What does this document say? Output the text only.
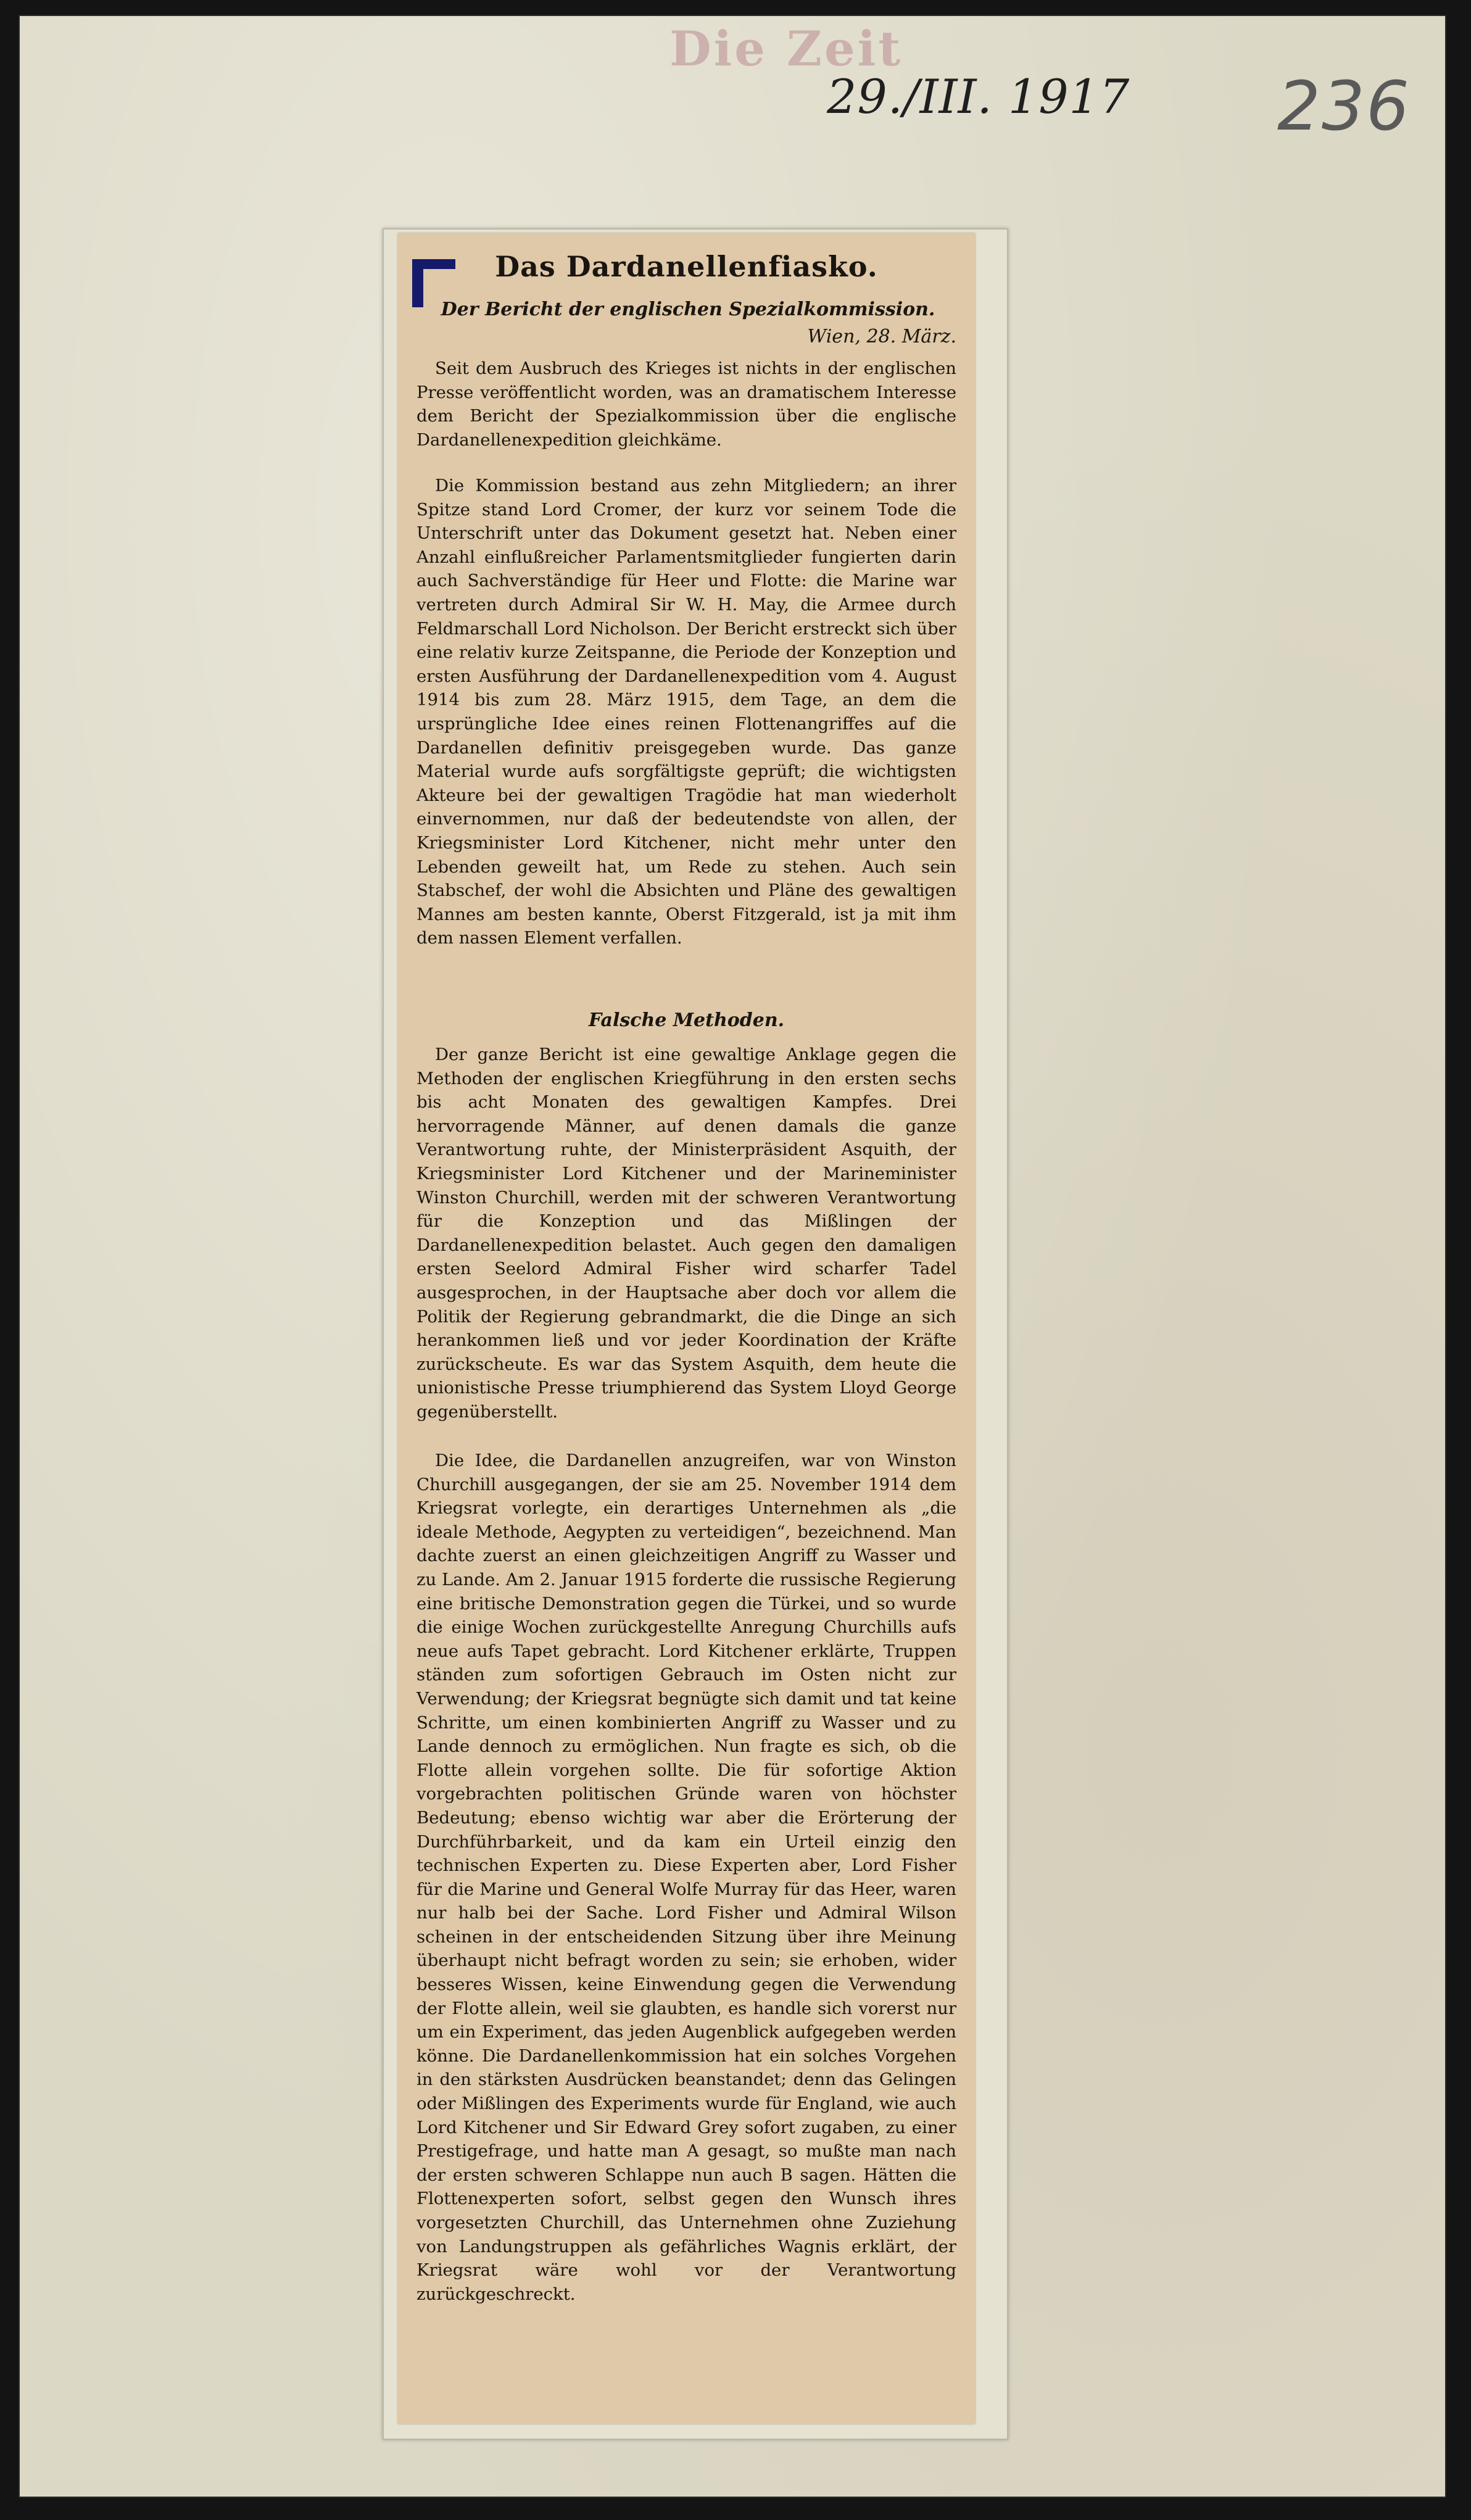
Die Zeit
29./III. 1917 236
Das Dardanellenfiasko.
Der Bericht der englischen Spezialkommission.
Wien, 28. März.
Seit dem Ausbruch des Krieges ist nichts in der englischen Presse veröffentlicht worden, was an dramatischem Interesse dem Bericht der Spezialkommission über die englische Dardanellenexpedition gleichkäme.
Die Kommission bestand aus zehn Mitgliedern; an ihrer Spitze stand Lord Cromer, der kurz vor seinem Tode die Unterschrift unter das Dokument gesetzt hat. Neben einer Anzahl einflußreicher Parlamentsmitglieder fungierten darin auch Sachverständige für Heer und Flotte: die Marine war vertreten durch Admiral Sir W. H. May, die Armee durch Feldmarschall Lord Nicholson. Der Bericht erstreckt sich über eine relativ kurze Zeitspanne, die Periode der Konzeption und ersten Ausführung der Dardanellenexpedition vom 4. August 1914 bis zum 28. März 1915, dem Tage, an dem die ursprüngliche Idee eines reinen Flottenangriffes auf die Dardanellen definitiv preisgegeben wurde. Das ganze Material wurde aufs sorgfältigste geprüft; die wichtigsten Akteure bei der gewaltigen Tragödie hat man wiederholt einvernommen, nur daß der bedeutendste von allen, der Kriegsminister Lord Kitchener, nicht mehr unter den Lebenden geweilt hat, um Rede zu stehen. Auch sein Stabschef, der wohl die Absichten und Pläne des gewaltigen Mannes am besten kannte, Oberst Fitzgerald, ist ja mit ihm dem nassen Element verfallen.
Falsche Methoden.
Der ganze Bericht ist eine gewaltige Anklage gegen die Methoden der englischen Kriegführung in den ersten sechs bis acht Monaten des gewaltigen Kampfes. Drei hervorragende Männer, auf denen damals die ganze Verantwortung ruhte, der Ministerpräsident Asquith, der Kriegsminister Lord Kitchener und der Marineminister Winston Churchill, werden mit der schweren Verantwortung für die Konzeption und das Mißlingen der Dardanellenexpedition belastet. Auch gegen den damaligen ersten Seelord Admiral Fisher wird scharfer Tadel ausgesprochen, in der Hauptsache aber doch vor allem die Politik der Regierung gebrandmarkt, die die Dinge an sich herankommen ließ und vor jeder Koordination der Kräfte zurückscheute. Es war das System Asquith, dem heute die unionistische Presse triumphierend das System Lloyd George gegenüberstellt.
Die Idee, die Dardanellen anzugreifen, war von Winston Churchill ausgegangen, der sie am 25. November 1914 dem Kriegsrat vorlegte, ein derartiges Unternehmen als „die ideale Methode, Aegypten zu verteidigen“, bezeichnend. Man dachte zuerst an einen gleichzeitigen Angriff zu Wasser und zu Lande. Am 2. Januar 1915 forderte die russische Regierung eine britische Demonstration gegen die Türkei, und so wurde die einige Wochen zurückgestellte Anregung Churchills aufs neue aufs Tapet gebracht. Lord Kitchener erklärte, Truppen ständen zum sofortigen Gebrauch im Osten nicht zur Verwendung; der Kriegsrat begnügte sich damit und tat keine Schritte, um einen kombinierten Angriff zu Wasser und zu Lande dennoch zu ermöglichen. Nun fragte es sich, ob die Flotte allein vorgehen sollte. Die für sofortige Aktion vorgebrachten politischen Gründe waren von höchster Bedeutung; ebenso wichtig war aber die Erörterung der Durchführbarkeit, und da kam ein Urteil einzig den technischen Experten zu. Diese Experten aber, Lord Fisher für die Marine und General Wolfe Murray für das Heer, waren nur halb bei der Sache. Lord Fisher und Admiral Wilson scheinen in der entscheidenden Sitzung über ihre Meinung überhaupt nicht befragt worden zu sein; sie erhoben, wider besseres Wissen, keine Einwendung gegen die Verwendung der Flotte allein, weil sie glaubten, es handle sich vorerst nur um ein Experiment, das jeden Augenblick aufgegeben werden könne. Die Dardanellenkommission hat ein solches Vorgehen in den stärksten Ausdrücken beanstandet; denn das Gelingen oder Mißlingen des Experiments wurde für England, wie auch Lord Kitchener und Sir Edward Grey sofort zugaben, zu einer Prestigefrage, und hatte man A gesagt, so mußte man nach der ersten schweren Schlappe nun auch B sagen. Hätten die Flottenexperten sofort, selbst gegen den Wunsch ihres vorgesetzten Churchill, das Unternehmen ohne Zuziehung von Landungstruppen als gefährliches Wagnis erklärt, der Kriegsrat wäre wohl vor der Verantwortung zurückgeschreckt.
